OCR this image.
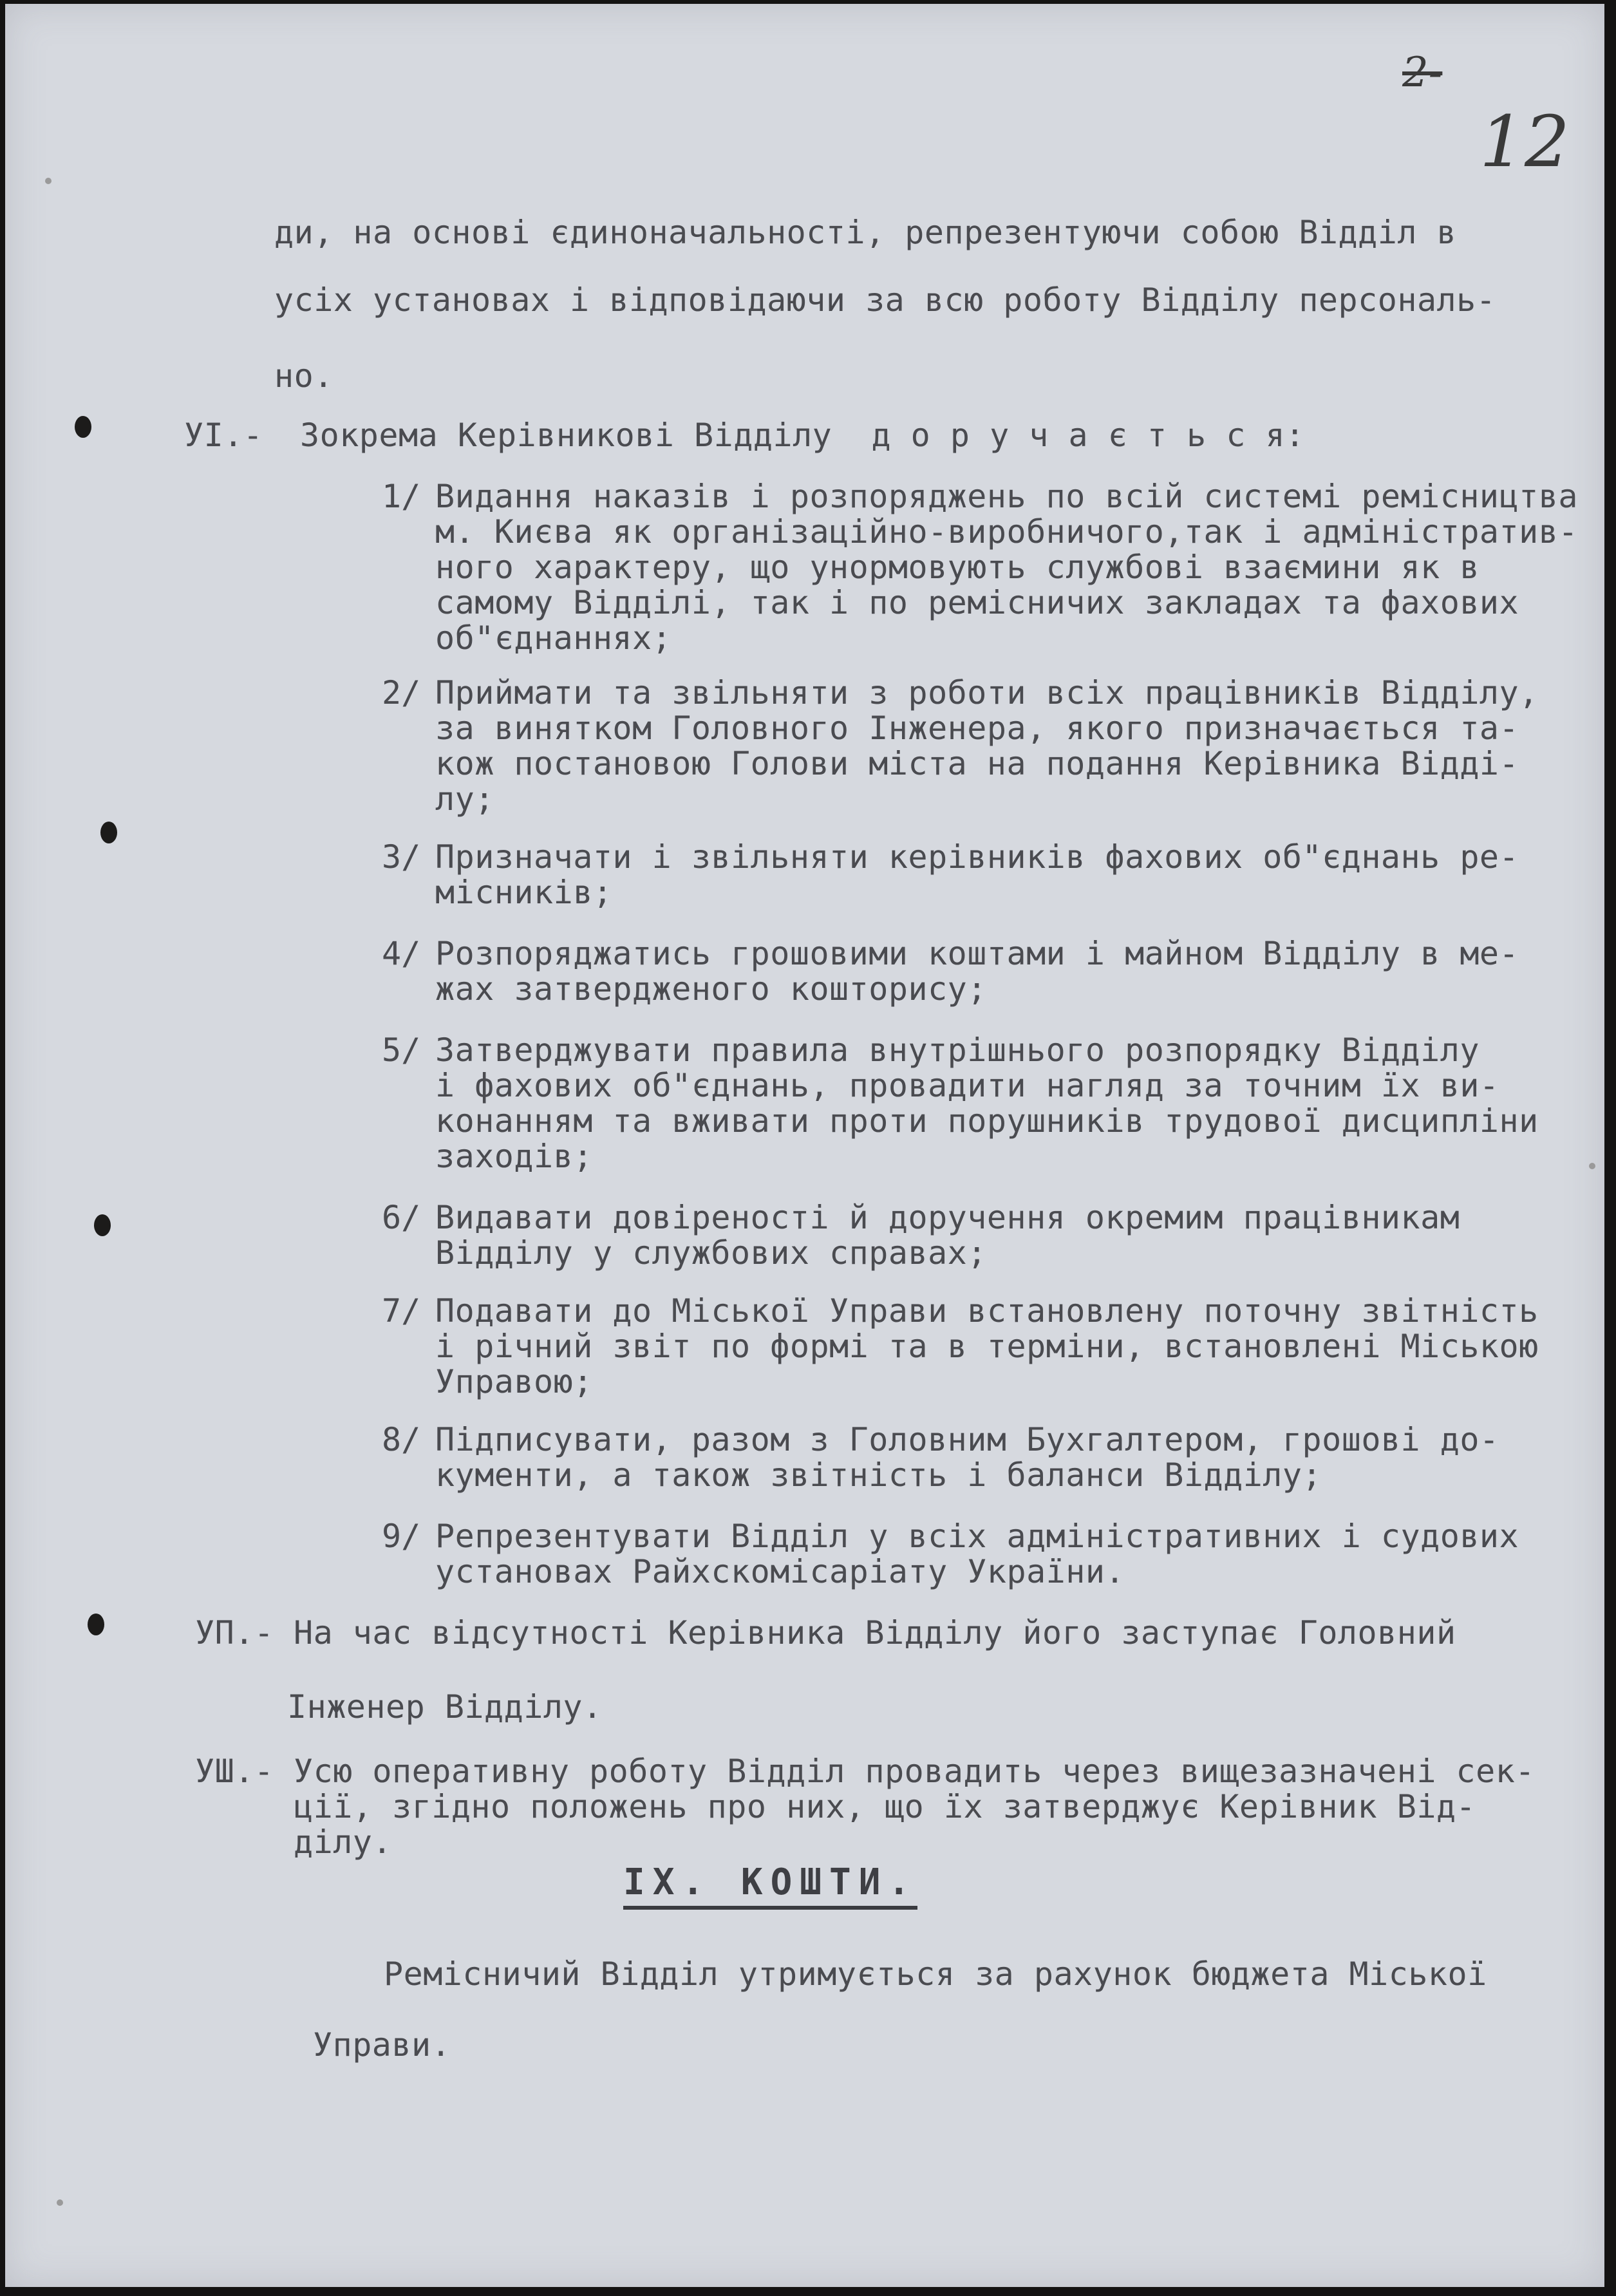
2-
12
ди, на основі єдиноначальності, репрезентуючи собою Відділ в
усіх установах і відповідаючи за всю роботу Відділу персональ-
но.
УІ.- Зокрема Керівникові Відділу  д о р у ч а є т ь с я:
1/ Видання наказів і розпоряджень по всій системі ремісництва
м. Києва як організаційно-виробничого,так і адміністратив-
ного характеру, що унормовують службові взаємини як в
самому Відділі, так і по ремісничих закладах та фахових
об"єднаннях;
2/ Приймати та звільняти з роботи всіх працівників Відділу,
за винятком Головного Інженера, якого призначається та-
кож постановою Голови міста на подання Керівника Відді-
лу;
3/ Призначати і звільняти керівників фахових об"єднань ре-
місників;
4/ Розпоряджатись грошовими коштами і майном Відділу в ме-
жах затвердженого кошторису;
5/ Затверджувати правила внутрішнього розпорядку Відділу
і фахових об"єднань, провадити нагляд за точним їх ви-
конанням та вживати проти порушників трудової дисципліни
заходів;
6/ Видавати довіреності й доручення окремим працівникам
Відділу у службових справах;
7/ Подавати до Міської Управи встановлену поточну звітність
і річний звіт по формі та в терміни, встановлені Міською
Управою;
8/ Підписувати, разом з Головним Бухгалтером, грошові до-
кументи, а також звітність і баланси Відділу;
9/ Репрезентувати Відділ у всіх адміністративних і судових
установах Райхскомісаріату України.
УП.- На час відсутності Керівника Відділу його заступає Головний
Інженер Відділу.
УШ.- Усю оперативну роботу Відділ провадить через вищезазначені сек-
ції, згідно положень про них, що їх затверджує Керівник Від-
ділу.
IX. КОШТИ.
Ремісничий Відділ утримується за рахунок бюджета Міської
Управи.
